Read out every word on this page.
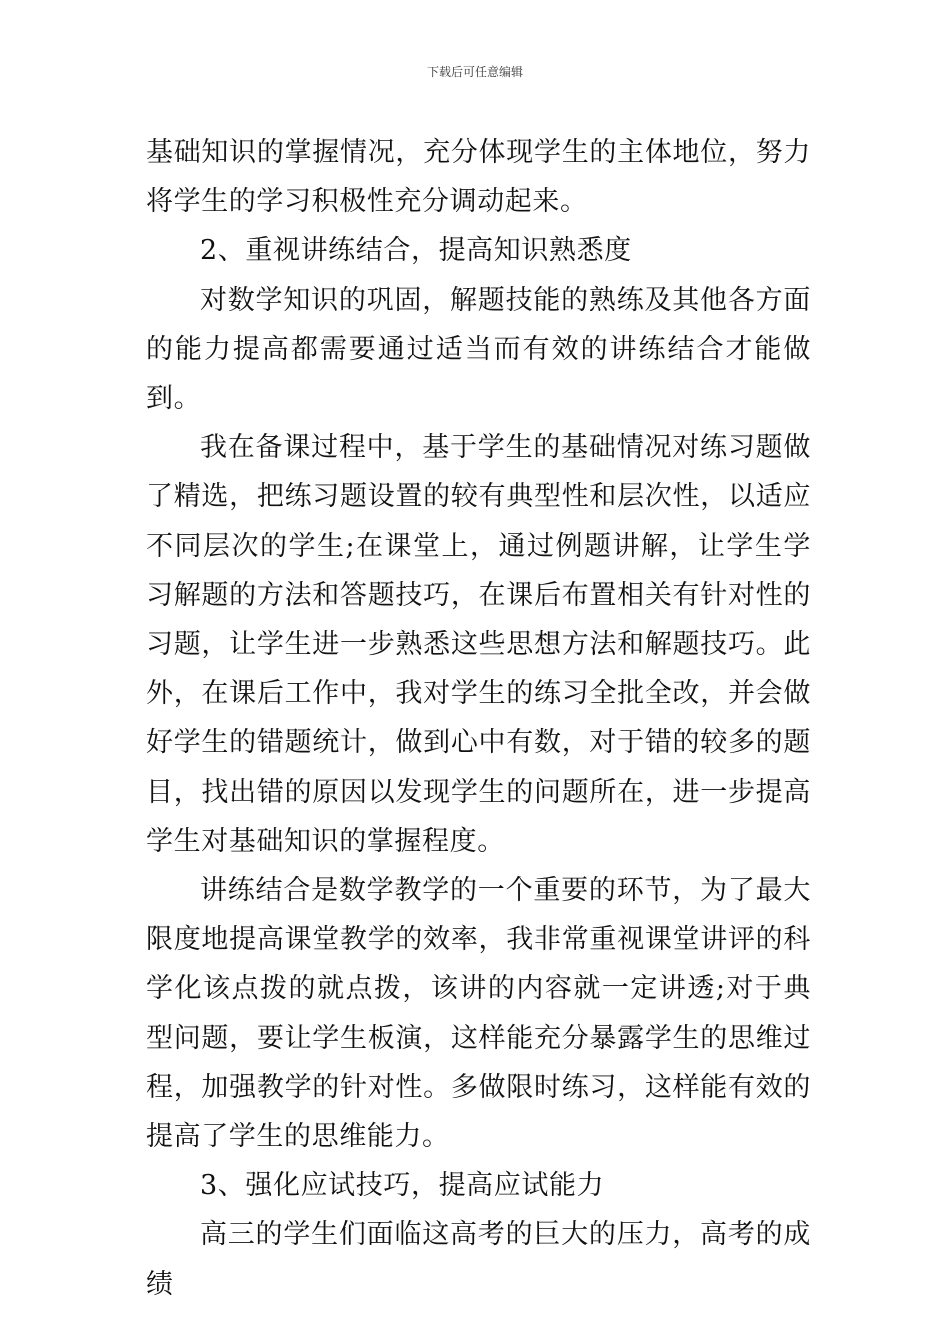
下载后可任意编辑

基础知识的掌握情况，充分体现学生的主体地位，努力将学生的学习积极性充分调动起来。

2、重视讲练结合，提高知识熟悉度

对数学知识的巩固，解题技能的熟练及其他各方面的能力提高都需要通过适当而有效的讲练结合才能做到。

我在备课过程中，基于学生的基础情况对练习题做了精选，把练习题设置的较有典型性和层次性，以适应不同层次的学生;在课堂上，通过例题讲解，让学生学习解题的方法和答题技巧，在课后布置相关有针对性的习题，让学生进一步熟悉这些思想方法和解题技巧。此外，在课后工作中，我对学生的练习全批全改，并会做好学生的错题统计，做到心中有数，对于错的较多的题目，找出错的原因以发现学生的问题所在，进一步提高学生对基础知识的掌握程度。

讲练结合是数学教学的一个重要的环节，为了最大限度地提高课堂教学的效率，我非常重视课堂讲评的科学化该点拨的就点拨，该讲的内容就一定讲透;对于典型问题，要让学生板演，这样能充分暴露学生的思维过程，加强教学的针对性。多做限时练习，这样能有效的提高了学生的思维能力。

3、强化应试技巧，提高应试能力

高三的学生们面临这高考的巨大的压力，高考的成绩
